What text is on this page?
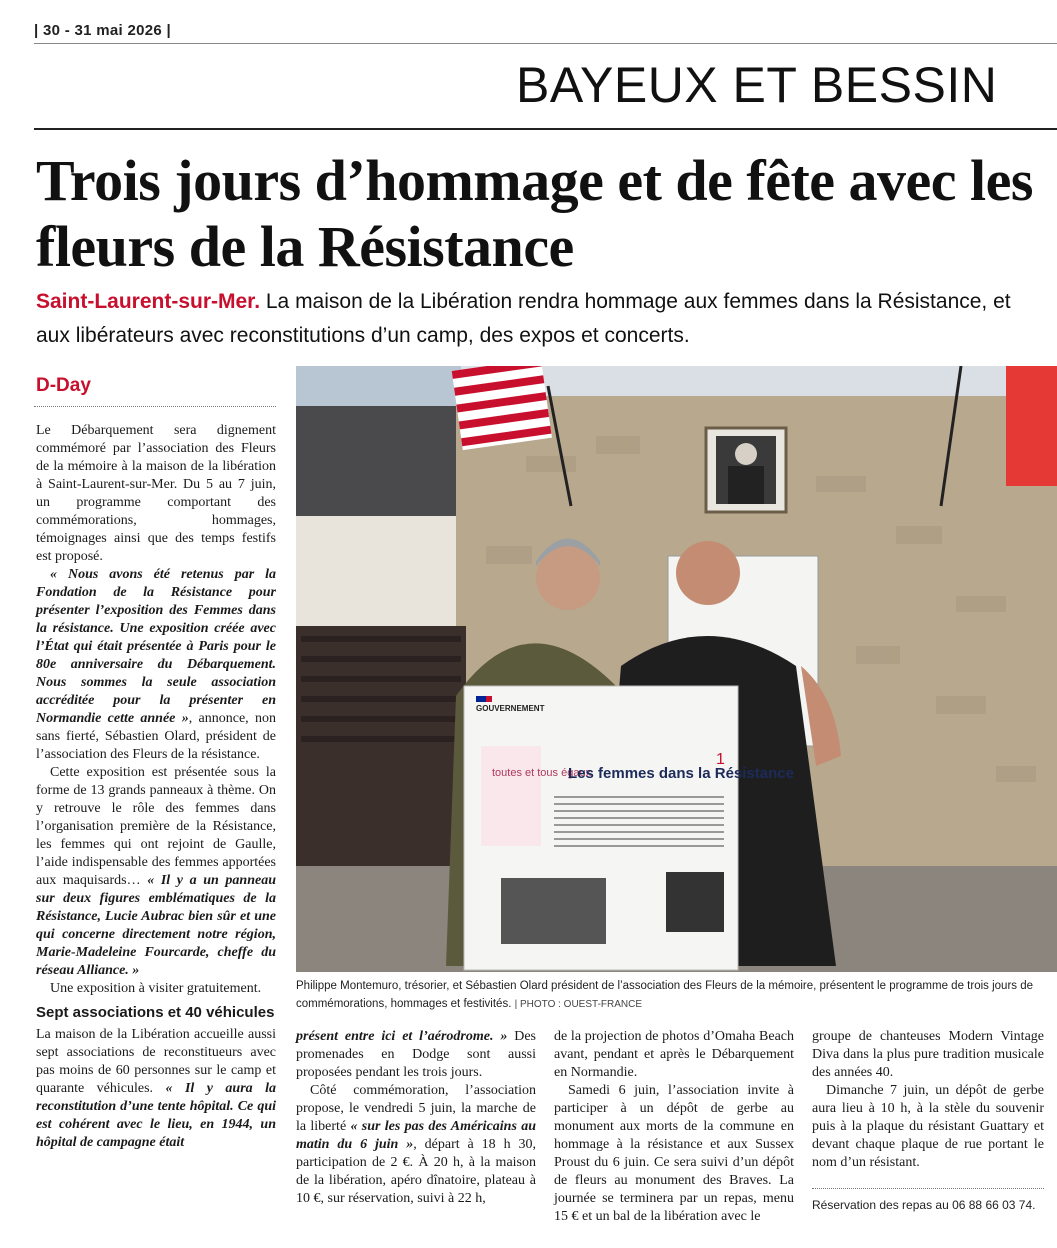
| 30 - 31 mai 2026 |
BAYEUX ET BESSIN
Trois jours d’hommage et de fête avec les fleurs de la Résistance
Saint-Laurent-sur-Mer. La maison de la Libération rendra hommage aux femmes dans la Résistance, et aux libérateurs avec reconstitutions d’un camp, des expos et concerts.
D-Day

Le Débarquement sera dignement commémoré par l’association des Fleurs de la mémoire à la maison de la libération à Saint-Laurent-sur-Mer. Du 5 au 7 juin, un programme comportant des commémorations, hommages, témoignages ainsi que des temps festifs est proposé.

« Nous avons été retenus par la Fondation de la Résistance pour présenter l’exposition des Femmes dans la résistance. Une exposition créée avec l’État qui était présentée à Paris pour le 80e anniversaire du Débarquement. Nous sommes la seule association accréditée pour la présenter en Normandie cette année », annonce, non sans fierté, Sébastien Olard, président de l’association des Fleurs de la résistance.

Cette exposition est présentée sous la forme de 13 grands panneaux à thème. On y retrouve le rôle des femmes dans l’organisation première de la Résistance, les femmes qui ont rejoint de Gaulle, l’aide indispensable des femmes apportées aux maquisards… « Il y a un panneau sur deux figures emblématiques de la Résistance, Lucie Aubrac bien sûr et une qui concerne directement notre région, Marie-Madeleine Fourcarde, cheffe du réseau Alliance. »

Une exposition à visiter gratuitement.

Sept associations et 40 véhicules

La maison de la Libération accueille aussi sept associations de reconstitueurs avec pas moins de 60 personnes sur le camp et quarante véhicules. « Il y aura la reconstitution d’une tente hôpital. Ce qui est cohérent avec le lieu, en 1944, un hôpital de campagne était

GOUVERNEMENT
toutes et tous égaux
Les femmes dans la Résistance
1
Philippe Montemuro, trésorier, et Sébastien Olard président de l’association des Fleurs de la mémoire, présentent le programme de trois jours de commémorations, hommages et festivités. | PHOTO : OUEST-FRANCE

présent entre ici et l’aérodrome. » Des promenades en Dodge sont aussi proposées pendant les trois jours.

Côté commémoration, l’association propose, le vendredi 5 juin, la marche de la liberté « sur les pas des Américains au matin du 6 juin », départ à 18 h 30, participation de 2 €. À 20 h, à la maison de la libération, apéro dînatoire, plateau à 10 €, sur réservation, suivi à 22 h,

de la projection de photos d’Omaha Beach avant, pendant et après le Débarquement en Normandie.

Samedi 6 juin, l’association invite à participer à un dépôt de gerbe au monument aux morts de la commune en hommage à la résistance et aux Sussex Proust du 6 juin. Ce sera suivi d’un dépôt de fleurs au monument des Braves. La journée se terminera par un repas, menu 15 € et un bal de la libération avec le

groupe de chanteuses Modern Vintage Diva dans la plus pure tradition musicale des années 40.

Dimanche 7 juin, un dépôt de gerbe aura lieu à 10 h, à la stèle du souvenir puis à la plaque du résistant Guattary et devant chaque plaque de rue portant le nom d’un résistant.

Réservation des repas au 06 88 66 03 74.
